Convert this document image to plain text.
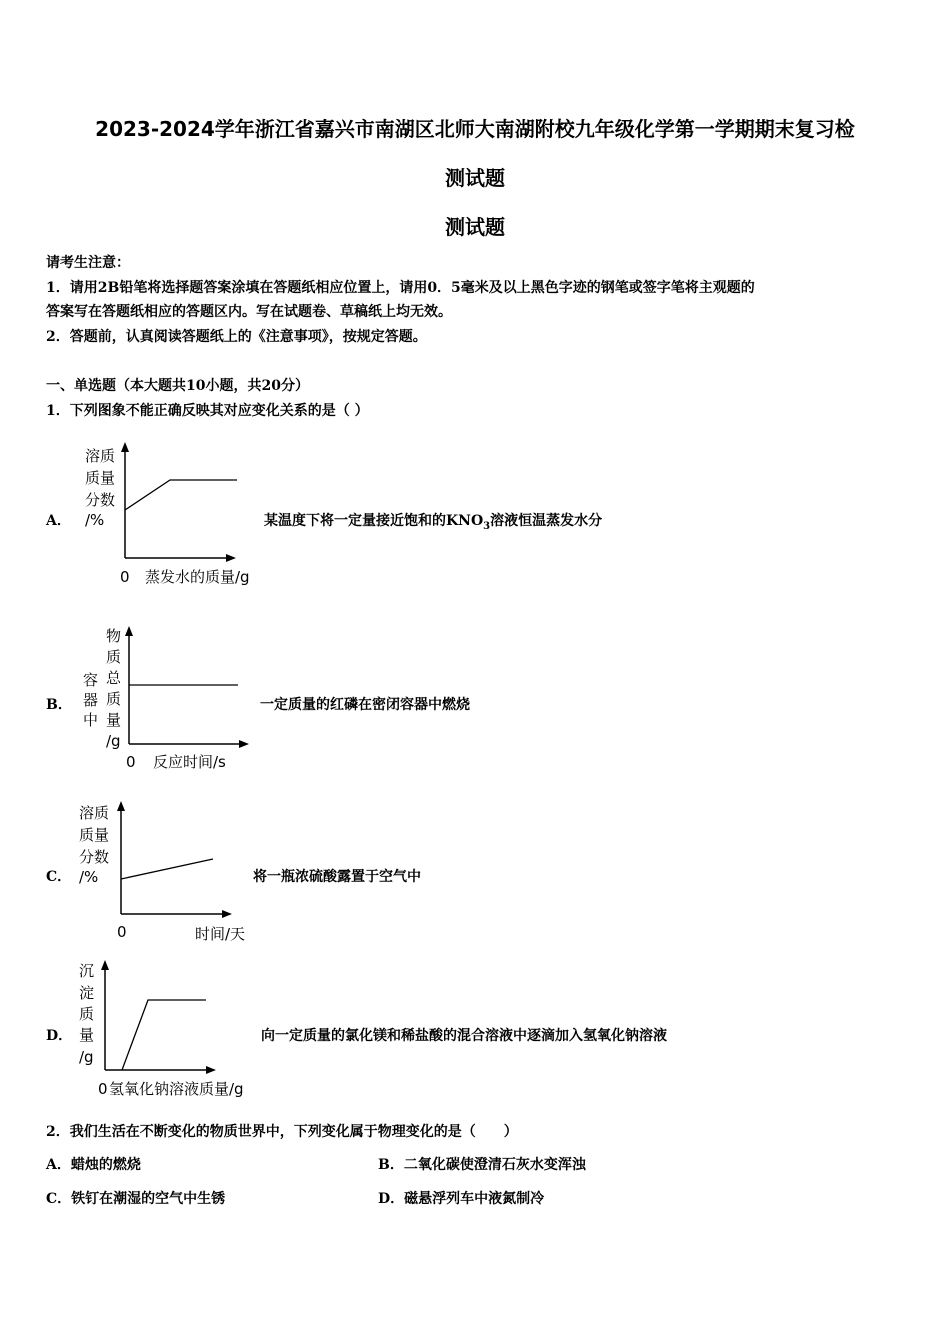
2023-2024学年浙江省嘉兴市南湖区北师大南湖附校九年级化学第一学期期末复习检
测试题
测试题
请考生注意：
1．请用2B铅笔将选择题答案涂填在答题纸相应位置上，请用0．5毫米及以上黑色字迹的钢笔或签字笔将主观题的
答案写在答题纸相应的答题区内。写在试题卷、草稿纸上均无效。
2．答题前，认真阅读答题纸上的《注意事项》，按规定答题。
一、单选题（本大题共10小题，共20分）
1．下列图象不能正确反映其对应变化关系的是（ ）
A．
溶质
质量
分数
/%
0 蒸发水的质量/g
某温度下将一定量接近饱和的$KNO_3$溶液恒温蒸发水分
B．
容
器
中
物
质
总
质
量
/g
0 反应时间/s
一定质量的红磷在密闭容器中燃烧
C．
溶质
质量
分数
/%
0	时间/天
将一瓶浓硫酸露置于空气中
D．
沉
淀
质
量
/g
0 氢氧化钠溶液质量/g
向一定质量的氯化镁和稀盐酸的混合溶液中逐滴加入氢氧化钠溶液
2．我们生活在不断变化的物质世界中，下列变化属于物理变化的是（　　）
A．蜡烛的燃烧	B．二氧化碳使澄清石灰水变浑浊
C．铁钉在潮湿的空气中生锈	D．磁悬浮列车中液氮制冷
